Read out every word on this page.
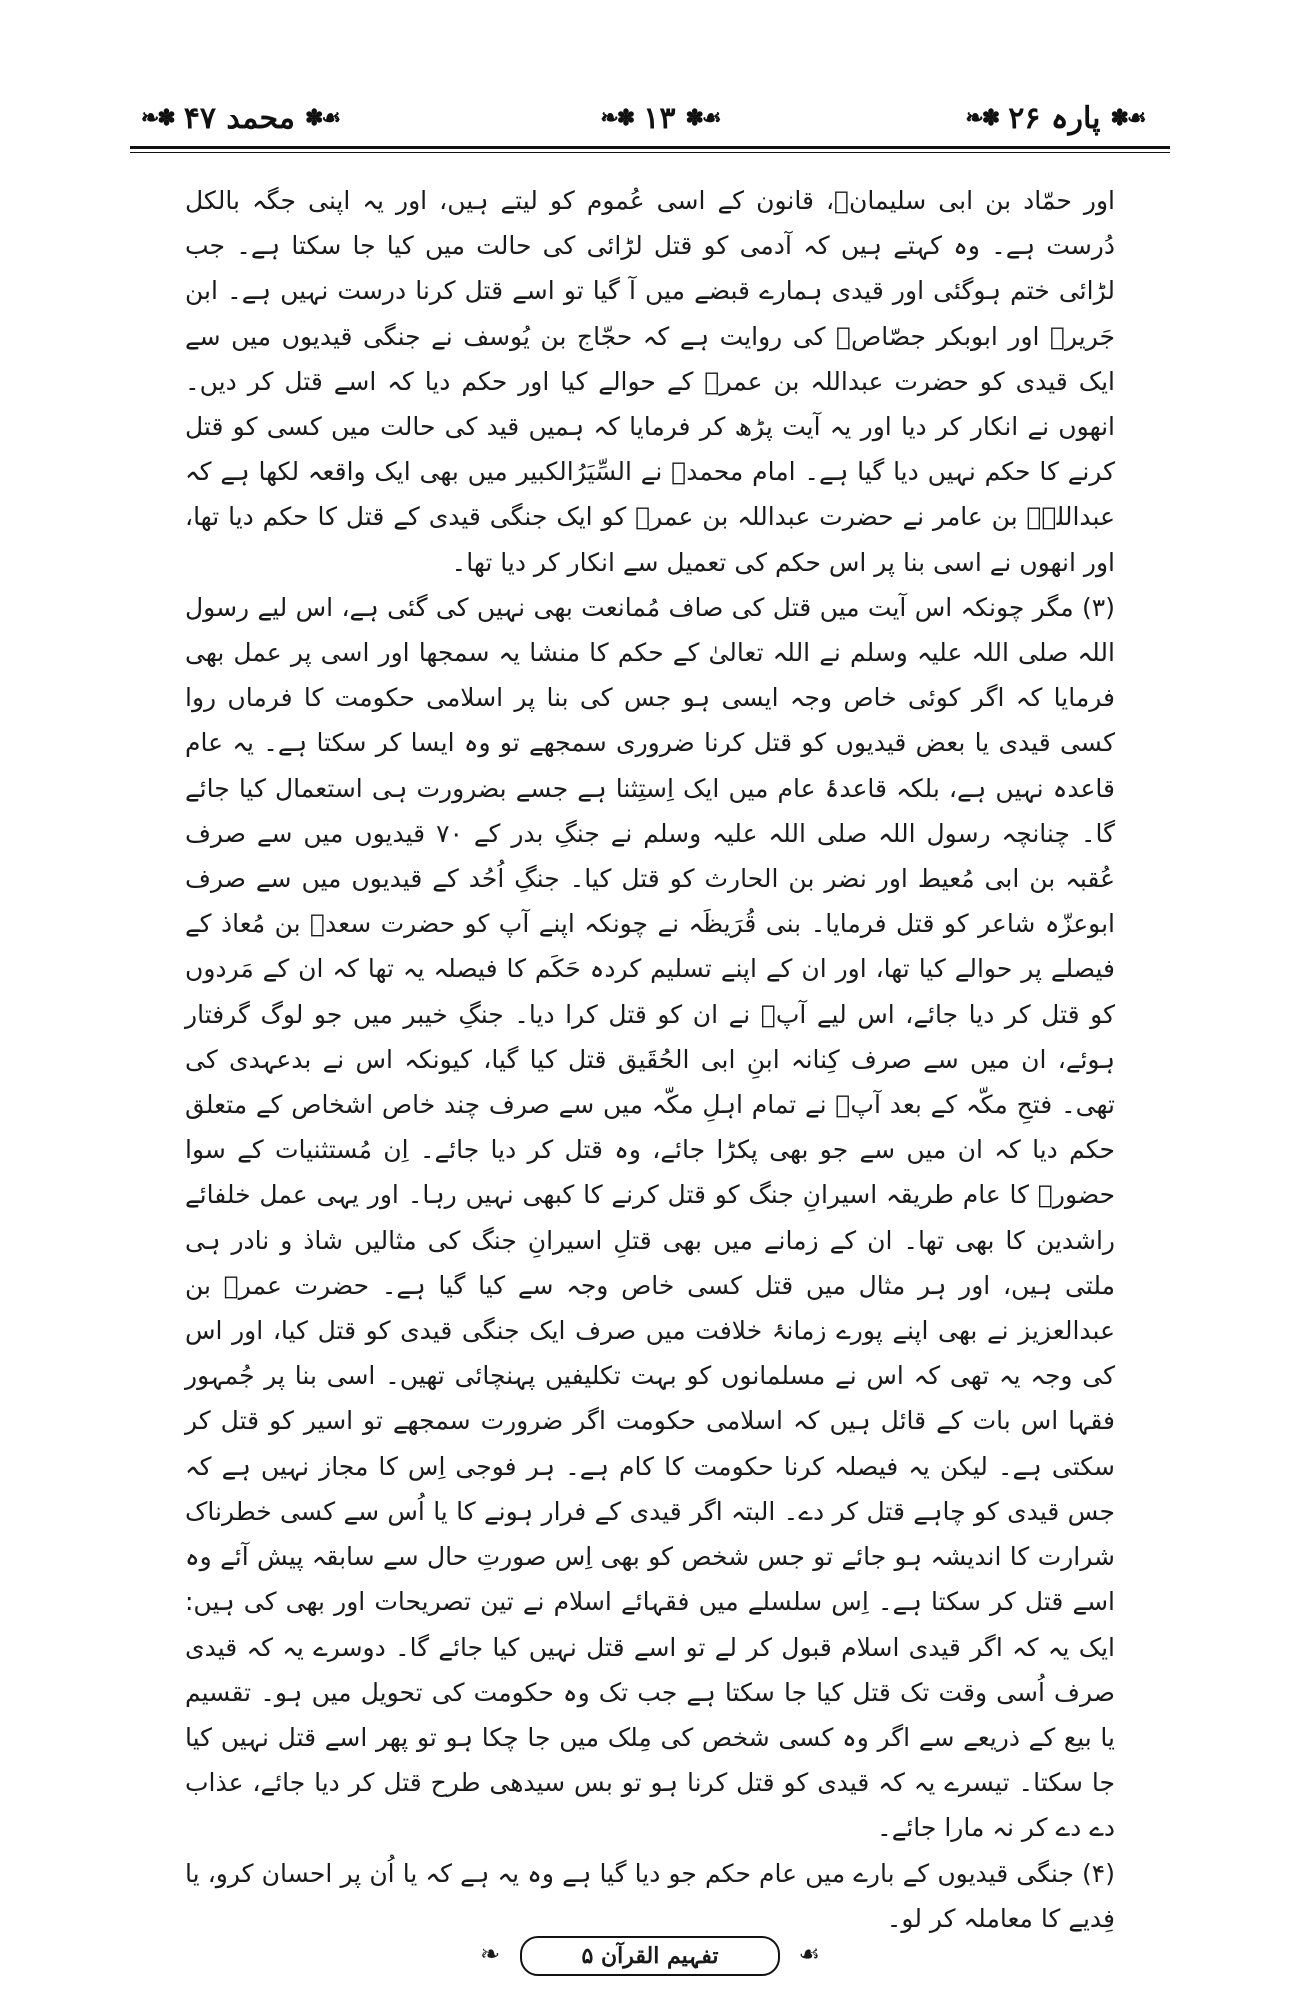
❧✽ محمد ۴۷ ✽☙	❧✽ ۱۳ ✽☙	❧✽ پارہ ۲۶ ✽☙

اور حمّاد بن ابی سلیمانؒ، قانون کے اسی عُموم کو لیتے ہیں، اور یہ اپنی جگہ بالکل دُرست ہے۔ وہ کہتے ہیں کہ آدمی کو قتل لڑائی کی حالت میں کیا جا سکتا ہے۔ جب لڑائی ختم ہوگئی اور قیدی ہمارے قبضے میں آ گیا تو اسے قتل کرنا درست نہیں ہے۔ ابن جَریرؒ اور ابوبکر جصّاصؒ کی روایت ہے کہ حجّاج بن یُوسف نے جنگی قیدیوں میں سے ایک قیدی کو حضرت عبداللہ بن عمرؓ کے حوالے کیا اور حکم دیا کہ اسے قتل کر دیں۔ انھوں نے انکار کر دیا اور یہ آیت پڑھ کر فرمایا کہ ہمیں قید کی حالت میں کسی کو قتل کرنے کا حکم نہیں دیا گیا ہے۔ امام محمدؒ نے السِّیَرُالکبیر میں بھی ایک واقعہ لکھا ہے کہ عبداللہؓ بن عامر نے حضرت عبداللہ بن عمرؓ کو ایک جنگی قیدی کے قتل کا حکم دیا تھا، اور انھوں نے اسی بنا پر اس حکم کی تعمیل سے انکار کر دیا تھا۔

(۳) مگر چونکہ اس آیت میں قتل کی صاف مُمانعت بھی نہیں کی گئی ہے، اس لیے رسول اللہ صلی اللہ علیہ وسلم نے اللہ تعالیٰ کے حکم کا منشا یہ سمجھا اور اسی پر عمل بھی فرمایا کہ اگر کوئی خاص وجہ ایسی ہو جس کی بنا پر اسلامی حکومت کا فرماں روا کسی قیدی یا بعض قیدیوں کو قتل کرنا ضروری سمجھے تو وہ ایسا کر سکتا ہے۔ یہ عام قاعدہ نہیں ہے، بلکہ قاعدۂ عام میں ایک اِستِثنا ہے جسے بضرورت ہی استعمال کیا جائے گا۔ چنانچہ رسول اللہ صلی اللہ علیہ وسلم نے جنگِ بدر کے ۷۰ قیدیوں میں سے صرف عُقبہ بن ابی مُعیط اور نضر بن الحارث کو قتل کیا۔ جنگِ اُحُد کے قیدیوں میں سے صرف ابوعزّہ شاعر کو قتل فرمایا۔ بنی قُرَیظَہ نے چونکہ اپنے آپ کو حضرت سعدؓ بن مُعاذ کے فیصلے پر حوالے کیا تھا، اور ان کے اپنے تسلیم کردہ حَکَم کا فیصلہ یہ تھا کہ ان کے مَردوں کو قتل کر دیا جائے، اس لیے آپؐ نے ان کو قتل کرا دیا۔ جنگِ خیبر میں جو لوگ گرفتار ہوئے، ان میں سے صرف کِنانہ ابنِ ابی الحُقَیق قتل کیا گیا، کیونکہ اس نے بدعہدی کی تھی۔ فتحِ مکّہ کے بعد آپؐ نے تمام اہلِ مکّہ میں سے صرف چند خاص اشخاص کے متعلق حکم دیا کہ ان میں سے جو بھی پکڑا جائے، وہ قتل کر دیا جائے۔ اِن مُستثنیات کے سوا حضورؐ کا عام طریقہ اسیرانِ جنگ کو قتل کرنے کا کبھی نہیں رہا۔ اور یہی عمل خلفائے راشدین کا بھی تھا۔ ان کے زمانے میں بھی قتلِ اسیرانِ جنگ کی مثالیں شاذ و نادر ہی ملتی ہیں، اور ہر مثال میں قتل کسی خاص وجہ سے کیا گیا ہے۔ حضرت عمرؓ بن عبدالعزیز نے بھی اپنے پورے زمانۂ خلافت میں صرف ایک جنگی قیدی کو قتل کیا، اور اس کی وجہ یہ تھی کہ اس نے مسلمانوں کو بہت تکلیفیں پہنچائی تھیں۔ اسی بنا پر جُمہور فقہا اس بات کے قائل ہیں کہ اسلامی حکومت اگر ضرورت سمجھے تو اسیر کو قتل کر سکتی ہے۔ لیکن یہ فیصلہ کرنا حکومت کا کام ہے۔ ہر فوجی اِس کا مجاز نہیں ہے کہ جس قیدی کو چاہے قتل کر دے۔ البتہ اگر قیدی کے فرار ہونے کا یا اُس سے کسی خطرناک شرارت کا اندیشہ ہو جائے تو جس شخص کو بھی اِس صورتِ حال سے سابقہ پیش آئے وہ اسے قتل کر سکتا ہے۔ اِس سلسلے میں فقہائے اسلام نے تین تصریحات اور بھی کی ہیں: ایک یہ کہ اگر قیدی اسلام قبول کر لے تو اسے قتل نہیں کیا جائے گا۔ دوسرے یہ کہ قیدی صرف اُسی وقت تک قتل کیا جا سکتا ہے جب تک وہ حکومت کی تحویل میں ہو۔ تقسیم یا بیع کے ذریعے سے اگر وہ کسی شخص کی مِلک میں جا چکا ہو تو پھر اسے قتل نہیں کیا جا سکتا۔ تیسرے یہ کہ قیدی کو قتل کرنا ہو تو بس سیدھی طرح قتل کر دیا جائے، عذاب دے دے کر نہ مارا جائے۔

(۴) جنگی قیدیوں کے بارے میں عام حکم جو دیا گیا ہے وہ یہ ہے کہ یا اُن پر احسان کرو، یا فِدیے کا معاملہ کر لو۔

❧	تفہیم القرآن ۵	☙
